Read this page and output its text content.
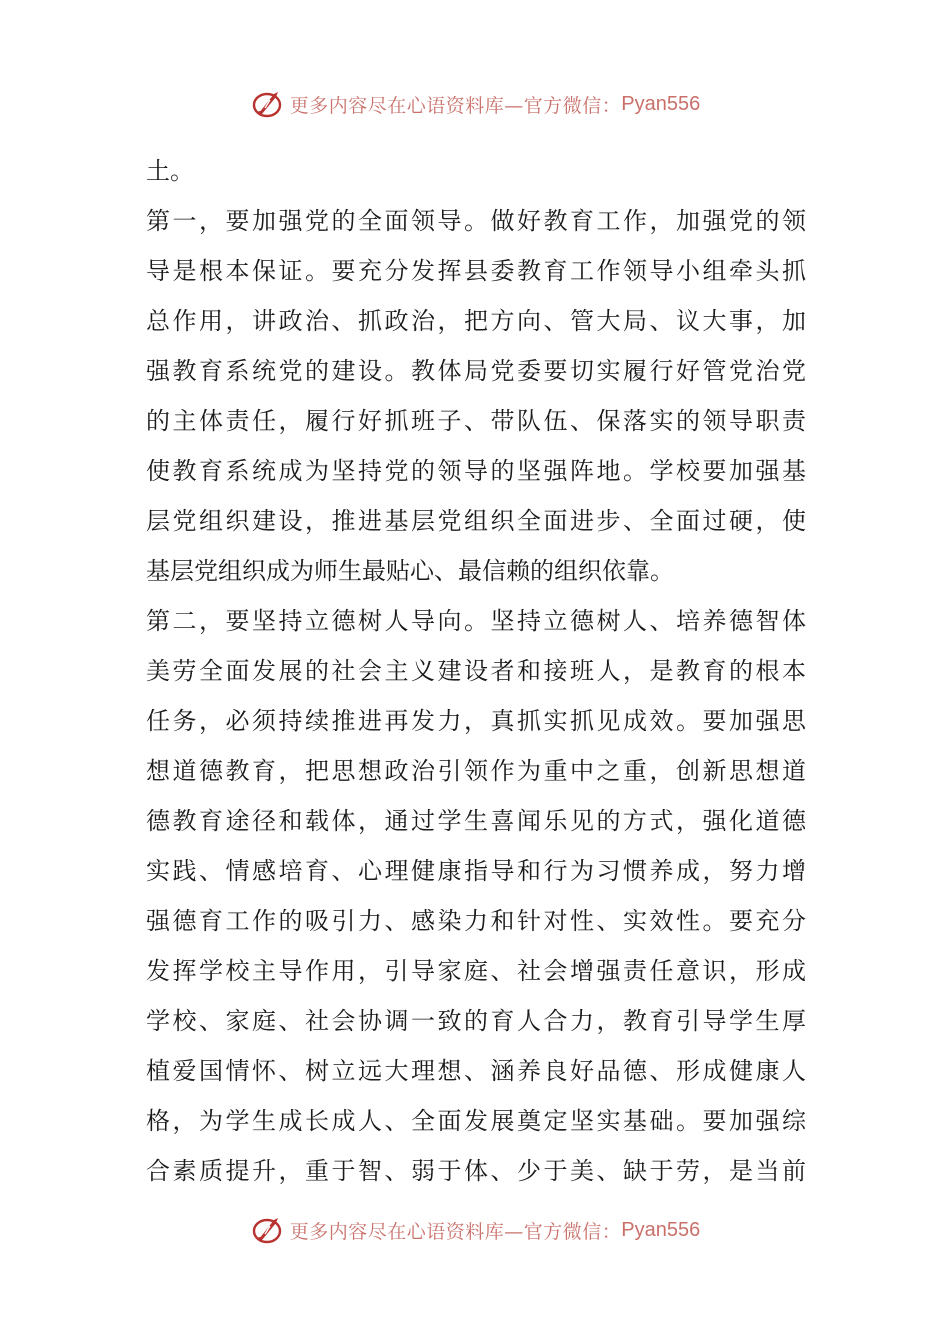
更多内容尽在心语资料库—官方微信： Pyan556
土。
第 一 ， 要 加 强 党 的 全 面 领 导 。 做 好 教 育 工 作 ， 加 强 党 的 领
导 是 根 本 保 证 。 要 充 分 发 挥 县 委 教 育 工 作 领 导 小 组 牵 头 抓
总 作 用 ， 讲 政 治 、 抓 政 治 ， 把 方 向 、 管 大 局 、 议 大 事 ， 加
强 教 育 系 统 党 的 建 设 。 教 体 局 党 委 要 切 实 履 行 好 管 党 治 党
的 主 体 责 任 ， 履 行 好 抓 班 子 、 带 队 伍 、 保 落 实 的 领 导 职 责
使 教 育 系 统 成 为 坚 持 党 的 领 导 的 坚 强 阵 地 。 学 校 要 加 强 基
层 党 组 织 建 设 ， 推 进 基 层 党 组 织 全 面 进 步 、 全 面 过 硬 ， 使
基层党组织成为师生最贴心、最信赖的组织依靠。
第 二 ， 要 坚 持 立 德 树 人 导 向 。 坚 持 立 德 树 人 、 培 养 德 智 体
美 劳 全 面 发 展 的 社 会 主 义 建 设 者 和 接 班 人 ， 是 教 育 的 根 本
任 务 ， 必 须 持 续 推 进 再 发 力 ， 真 抓 实 抓 见 成 效 。 要 加 强 思
想 道 德 教 育 ， 把 思 想 政 治 引 领 作 为 重 中 之 重 ， 创 新 思 想 道
德 教 育 途 径 和 载 体 ， 通 过 学 生 喜 闻 乐 见 的 方 式 ， 强 化 道 德
实 践 、 情 感 培 育 、 心 理 健 康 指 导 和 行 为 习 惯 养 成 ， 努 力 增
强 德 育 工 作 的 吸 引 力 、 感 染 力 和 针 对 性 、 实 效 性 。 要 充 分
发 挥 学 校 主 导 作 用 ， 引 导 家 庭 、 社 会 增 强 责 任 意 识 ， 形 成
学 校 、 家 庭 、 社 会 协 调 一 致 的 育 人 合 力 ， 教 育 引 导 学 生 厚
植 爱 国 情 怀 、 树 立 远 大 理 想 、 涵 养 良 好 品 德 、 形 成 健 康 人
格 ， 为 学 生 成 长 成 人 、 全 面 发 展 奠 定 坚 实 基 础 。 要 加 强 综
合 素 质 提 升 ， 重 于 智 、 弱 于 体 、 少 于 美 、 缺 于 劳 ， 是 当 前
更多内容尽在心语资料库—官方微信： Pyan556
